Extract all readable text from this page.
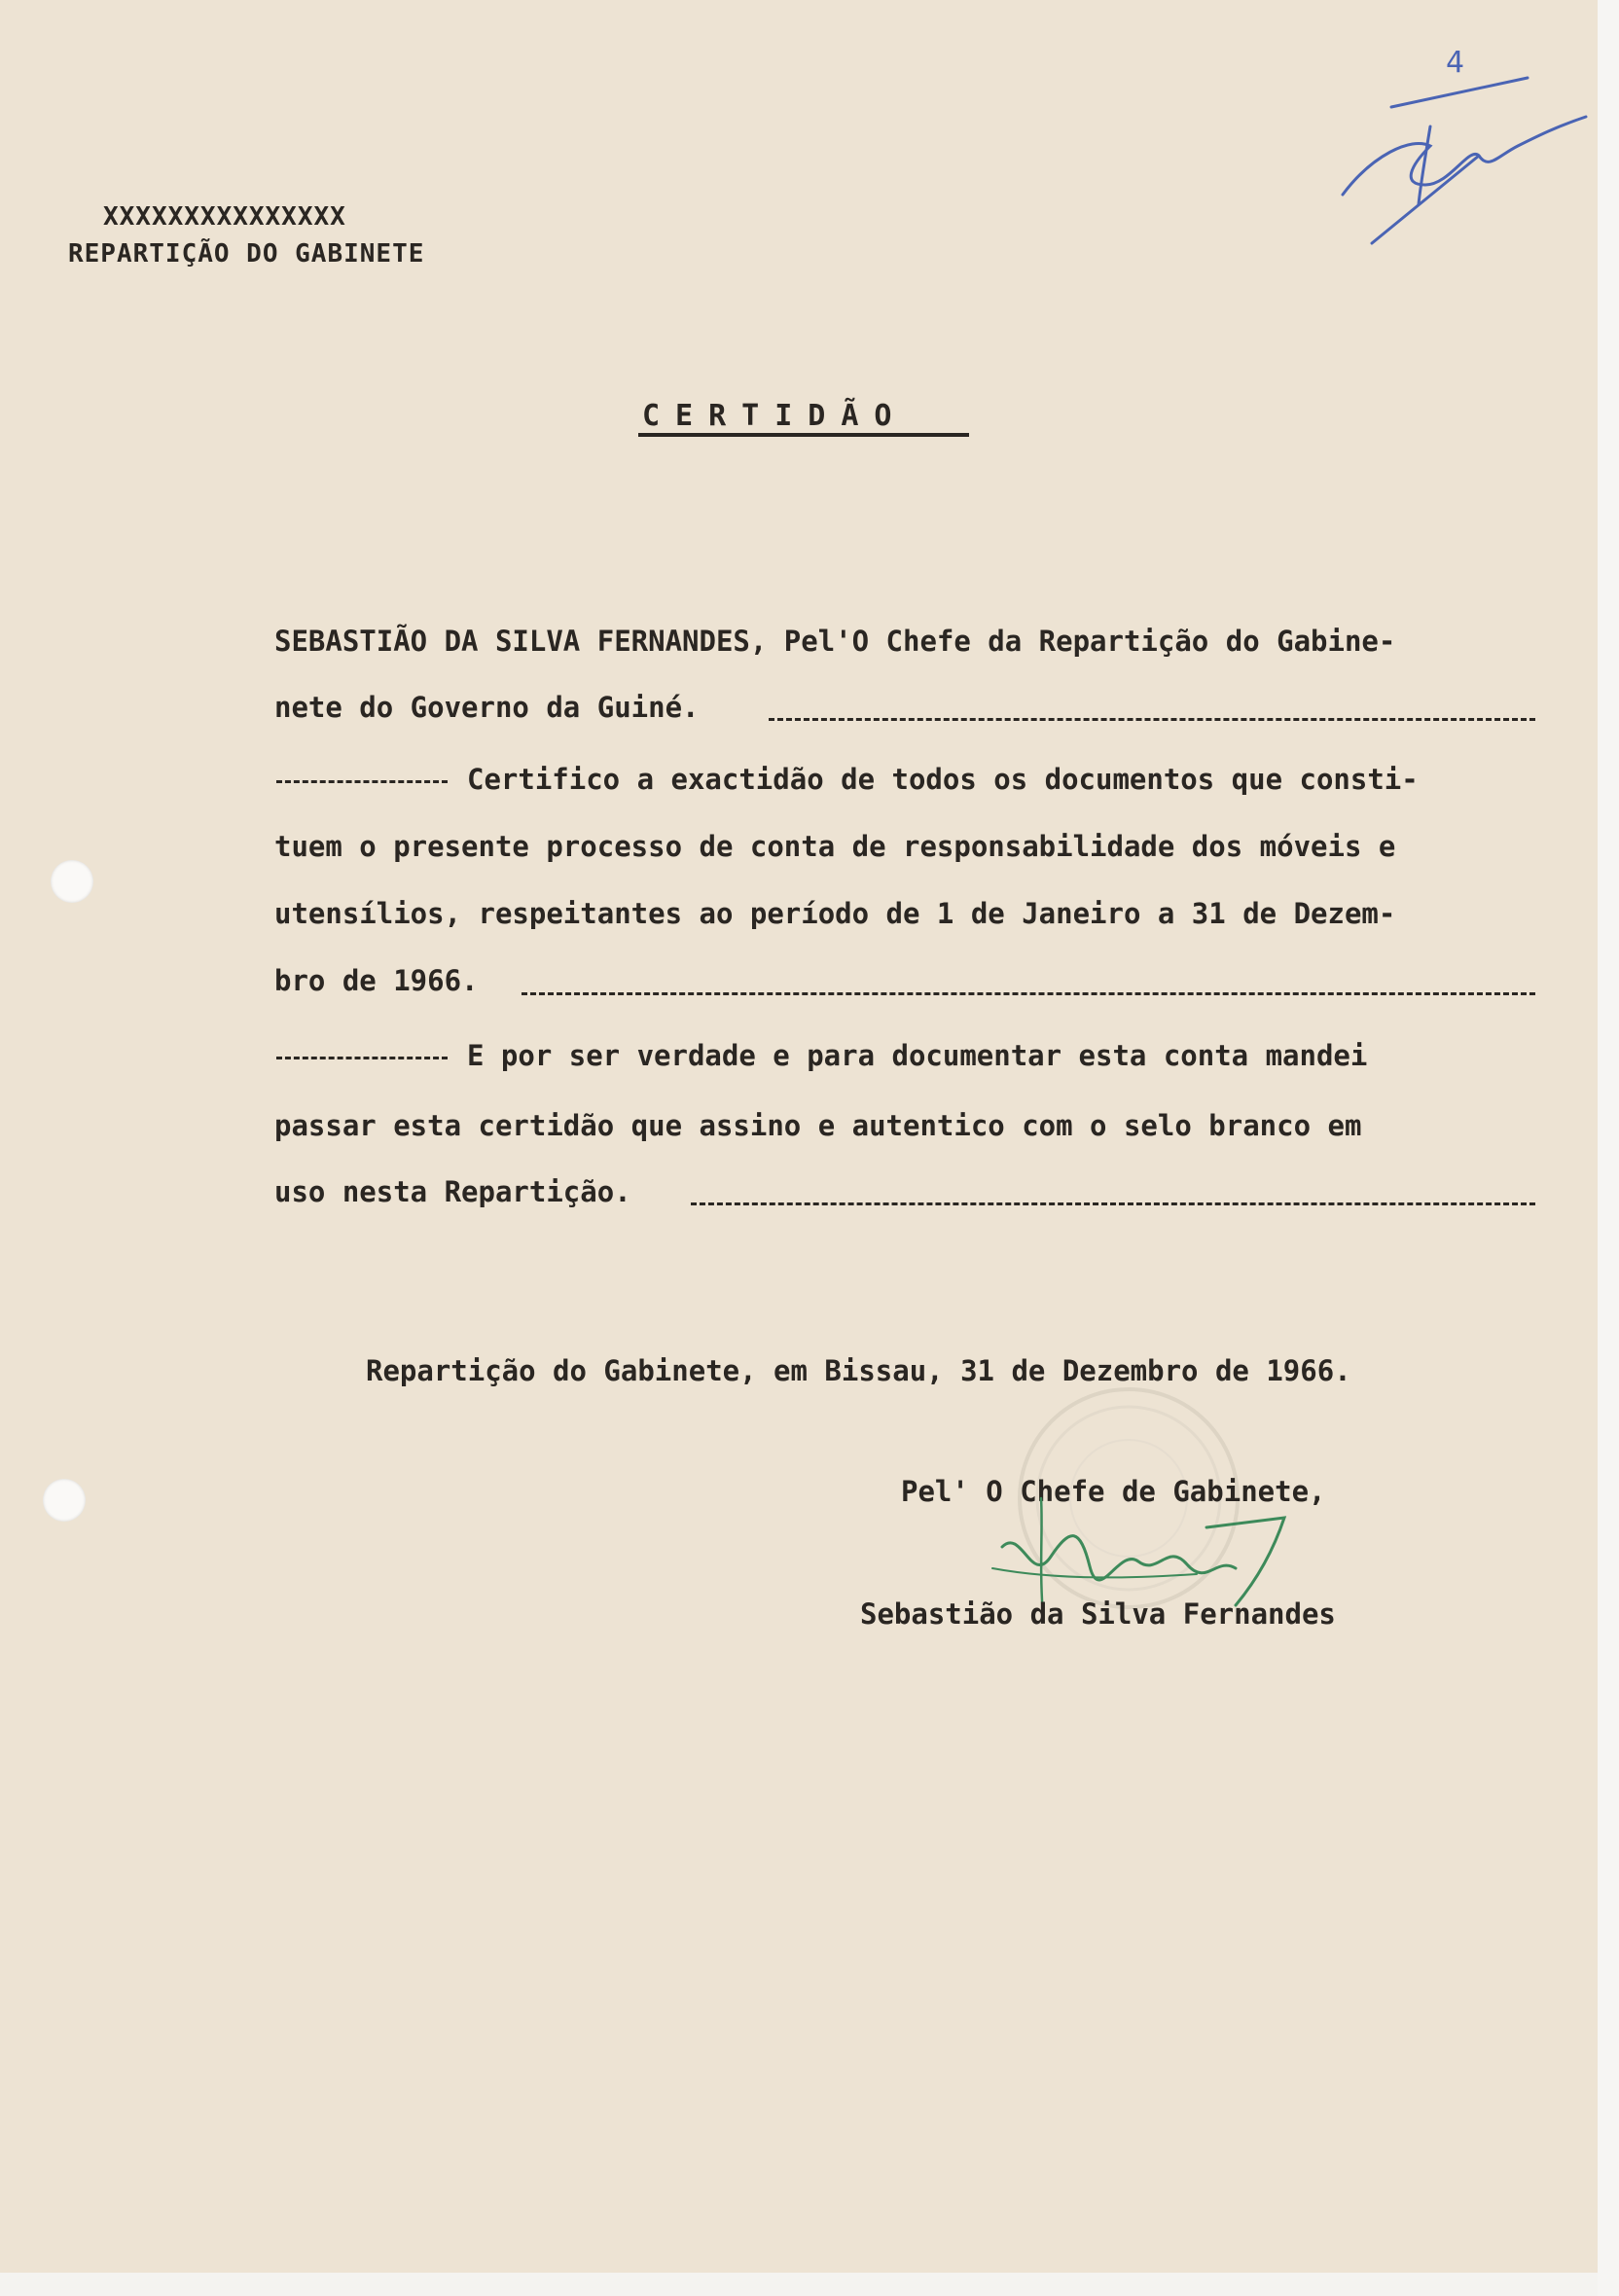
XXXXXXXXXXXXXXX
REPARTIÇÃO DO GABINETE
CERTIDÃO
SEBASTIÃO DA SILVA FERNANDES, Pel'O Chefe da Repartição do Gabine-
nete do Governo da Guiné.
Certifico a exactidão de todos os documentos que consti-
tuem o presente processo de conta de responsabilidade dos móveis e
utensílios, respeitantes ao período de 1 de Janeiro a 31 de Dezem-
bro de 1966.
E por ser verdade e para documentar esta conta mandei
passar esta certidão que assino e autentico com o selo branco em
uso nesta Repartição.
Repartição do Gabinete, em Bissau, 31 de Dezembro de 1966.
Pel' O Chefe de Gabinete,
Sebastião da Silva Fernandes
4
